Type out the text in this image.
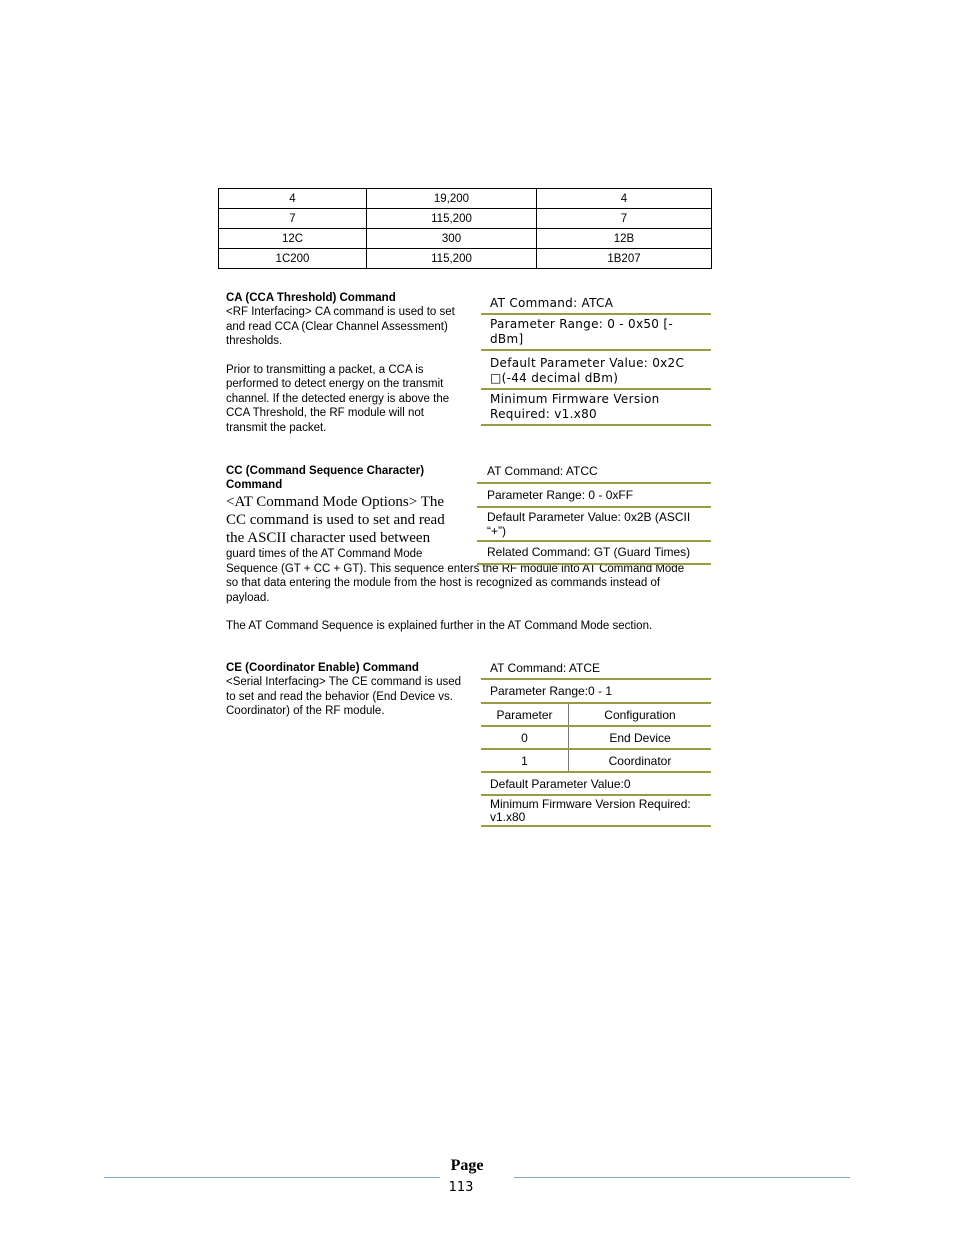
4	19,200	4
7	115,200	7
12C	300	12B
1C200	115,200	1B207
CA (CCA Threshold) Command
<RF Interfacing> CA command is used to set and read CCA (Clear Channel Assessment) thresholds.
Prior to transmitting a packet, a CCA is performed to detect energy on the transmit channel. If the detected energy is above the CCA Threshold, the RF module will not transmit the packet.
AT Command: ATCA
Parameter Range: 0 - 0x50 [-dBm]
Default Parameter Value: 0x2C □(-44 decimal dBm)
Minimum Firmware Version Required: v1.x80
CC (Command Sequence Character) Command
<AT Command Mode Options> The CC command is used to set and read the ASCII character used between
guard times of the AT Command Mode
Sequence (GT + CC + GT). This sequence enters the RF module into AT Command Mode so that data entering the module from the host is recognized as commands instead of payload.
The AT Command Sequence is explained further in the AT Command Mode section.
AT Command: ATCC
Parameter Range: 0 - 0xFF
Default Parameter Value: 0x2B (ASCII “+”)
Related Command: GT (Guard Times)
CE (Coordinator Enable) Command
<Serial Interfacing> The CE command is used to set and read the behavior (End Device vs. Coordinator) of the RF module.
AT Command: ATCE
Parameter Range:0 - 1
Parameter	Configuration
0	End Device
1	Coordinator
Default Parameter Value:0
Minimum Firmware Version Required: v1.x80
Page
113
